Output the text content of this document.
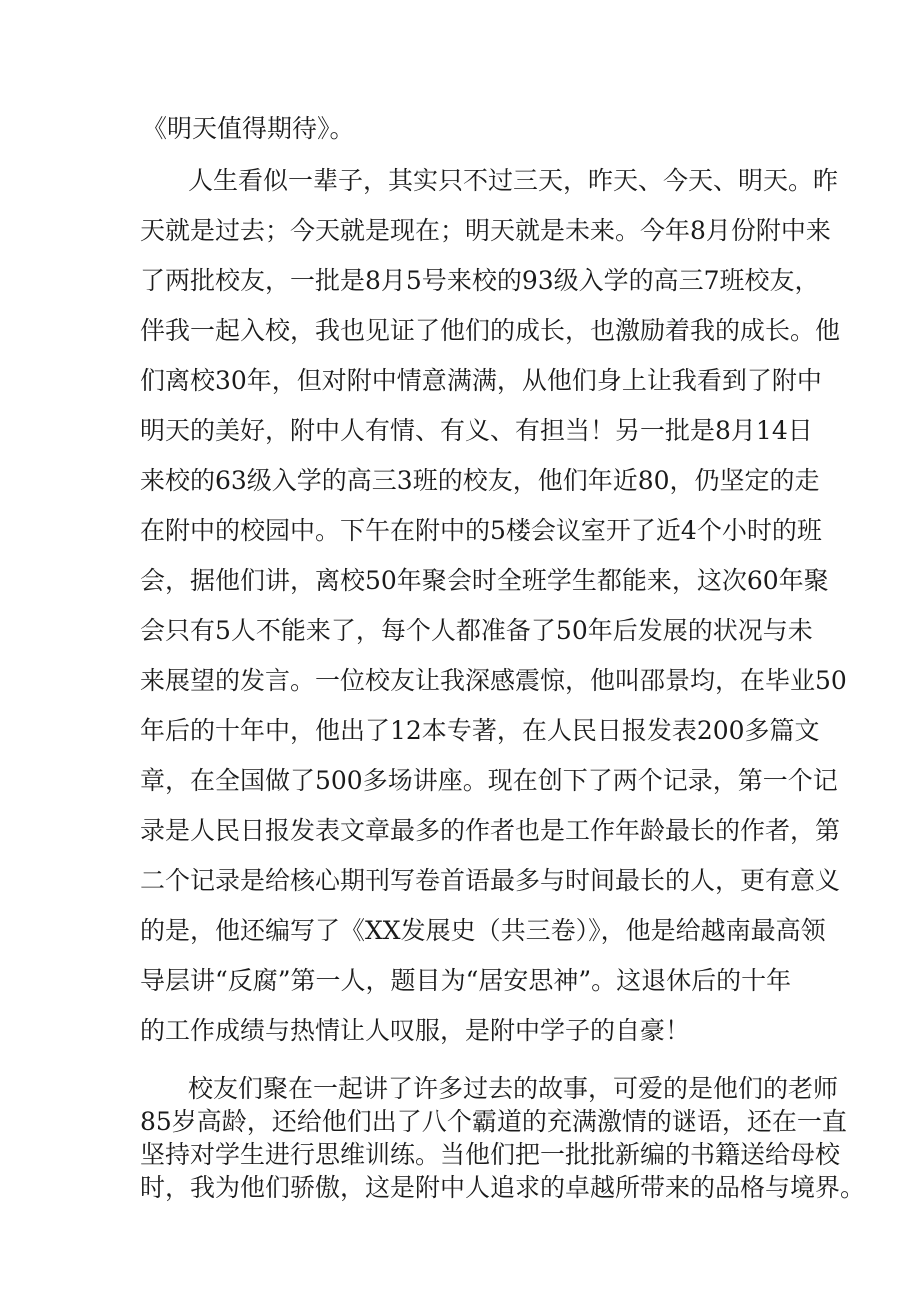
《明天值得期待》。
人生看似一辈子，其实只不过三天，昨天、今天、明天。昨
天就是过去；今天就是现在；明天就是未来。今年8月份附中来
了两批校友，一批是8月5号来校的93级入学的高三7班校友，
伴我一起入校，我也见证了他们的成长，也激励着我的成长。他
们离校30年，但对附中情意满满，从他们身上让我看到了附中
明天的美好，附中人有情、有义、有担当！另一批是8月14日
来校的63级入学的高三3班的校友，他们年近80，仍坚定的走
在附中的校园中。下午在附中的5楼会议室开了近4个小时的班
会，据他们讲，离校50年聚会时全班学生都能来，这次60年聚
会只有5人不能来了，每个人都准备了50年后发展的状况与未
来展望的发言。一位校友让我深感震惊，他叫邵景均，在毕业50
年后的十年中，他出了12本专著，在人民日报发表200多篇文
章，在全国做了500多场讲座。现在创下了两个记录，第一个记
录是人民日报发表文章最多的作者也是工作年龄最长的作者，第
二个记录是给核心期刊写卷首语最多与时间最长的人，更有意义
的是，他还编写了《XX发展史（共三卷）》，他是给越南最高领
导层讲“反腐”第一人，题目为“居安思神”。这退休后的十年
的工作成绩与热情让人叹服，是附中学子的自豪！
校友们聚在一起讲了许多过去的故事，可爱的是他们的老师
85岁高龄，还给他们出了八个霸道的充满激情的谜语，还在一直
坚持对学生进行思维训练。当他们把一批批新编的书籍送给母校
时，我为他们骄傲，这是附中人追求的卓越所带来的品格与境界。
